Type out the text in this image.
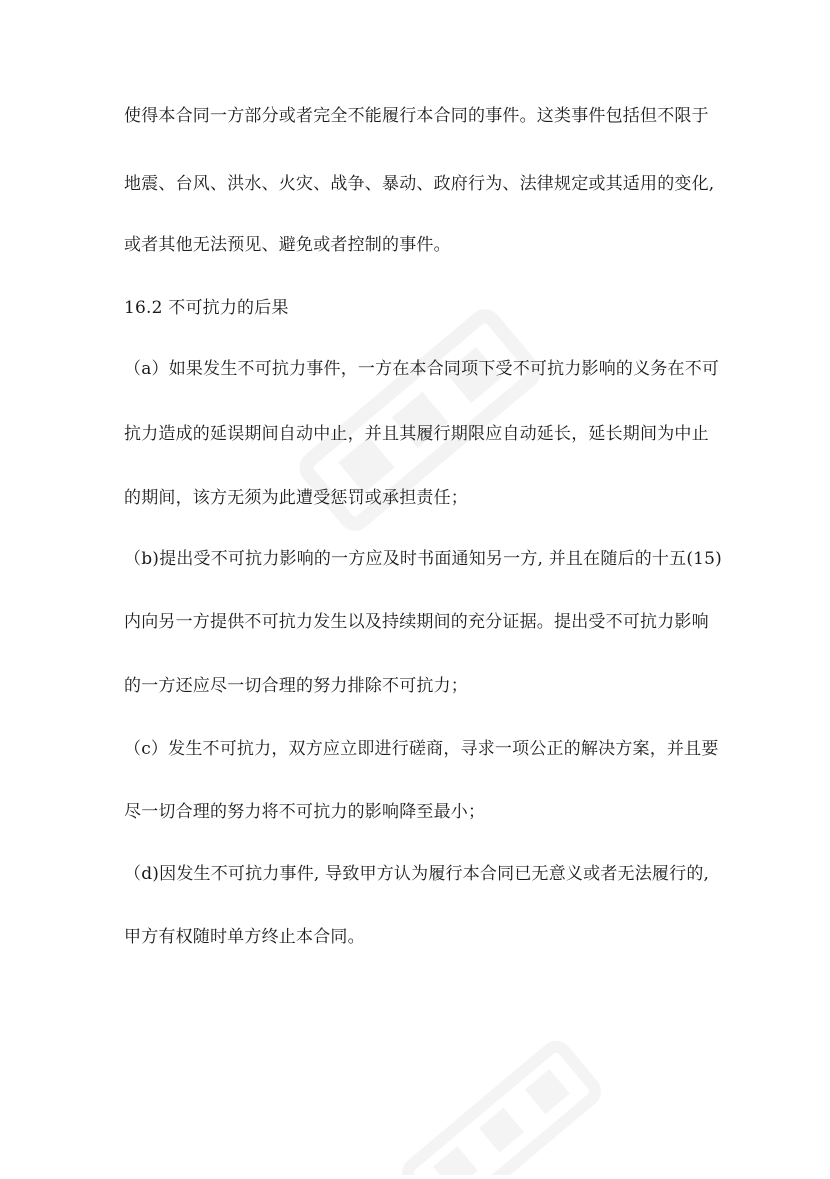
使得本合同一方部分或者完全不能履行本合同的事件。这类事件包括但不限于
地震、台风、洪水、火灾、战争、暴动、政府行为、法律规定或其适用的变化,
或者其他无法预见、避免或者控制的事件。
16.2 不可抗力的后果
（a）如果发生不可抗力事件，一方在本合同项下受不可抗力影响的义务在不可
抗力造成的延误期间自动中止，并且其履行期限应自动延长，延长期间为中止
的期间，该方无须为此遭受惩罚或承担责任；
（b)提出受不可抗力影响的一方应及时书面通知另一方, 并且在随后的十五(15)
内向另一方提供不可抗力发生以及持续期间的充分证据。提出受不可抗力影响
的一方还应尽一切合理的努力排除不可抗力；
（c）发生不可抗力，双方应立即进行磋商，寻求一项公正的解决方案，并且要
尽一切合理的努力将不可抗力的影响降至最小；
（d)因发生不可抗力事件, 导致甲方认为履行本合同已无意义或者无法履行的,
甲方有权随时单方终止本合同。
